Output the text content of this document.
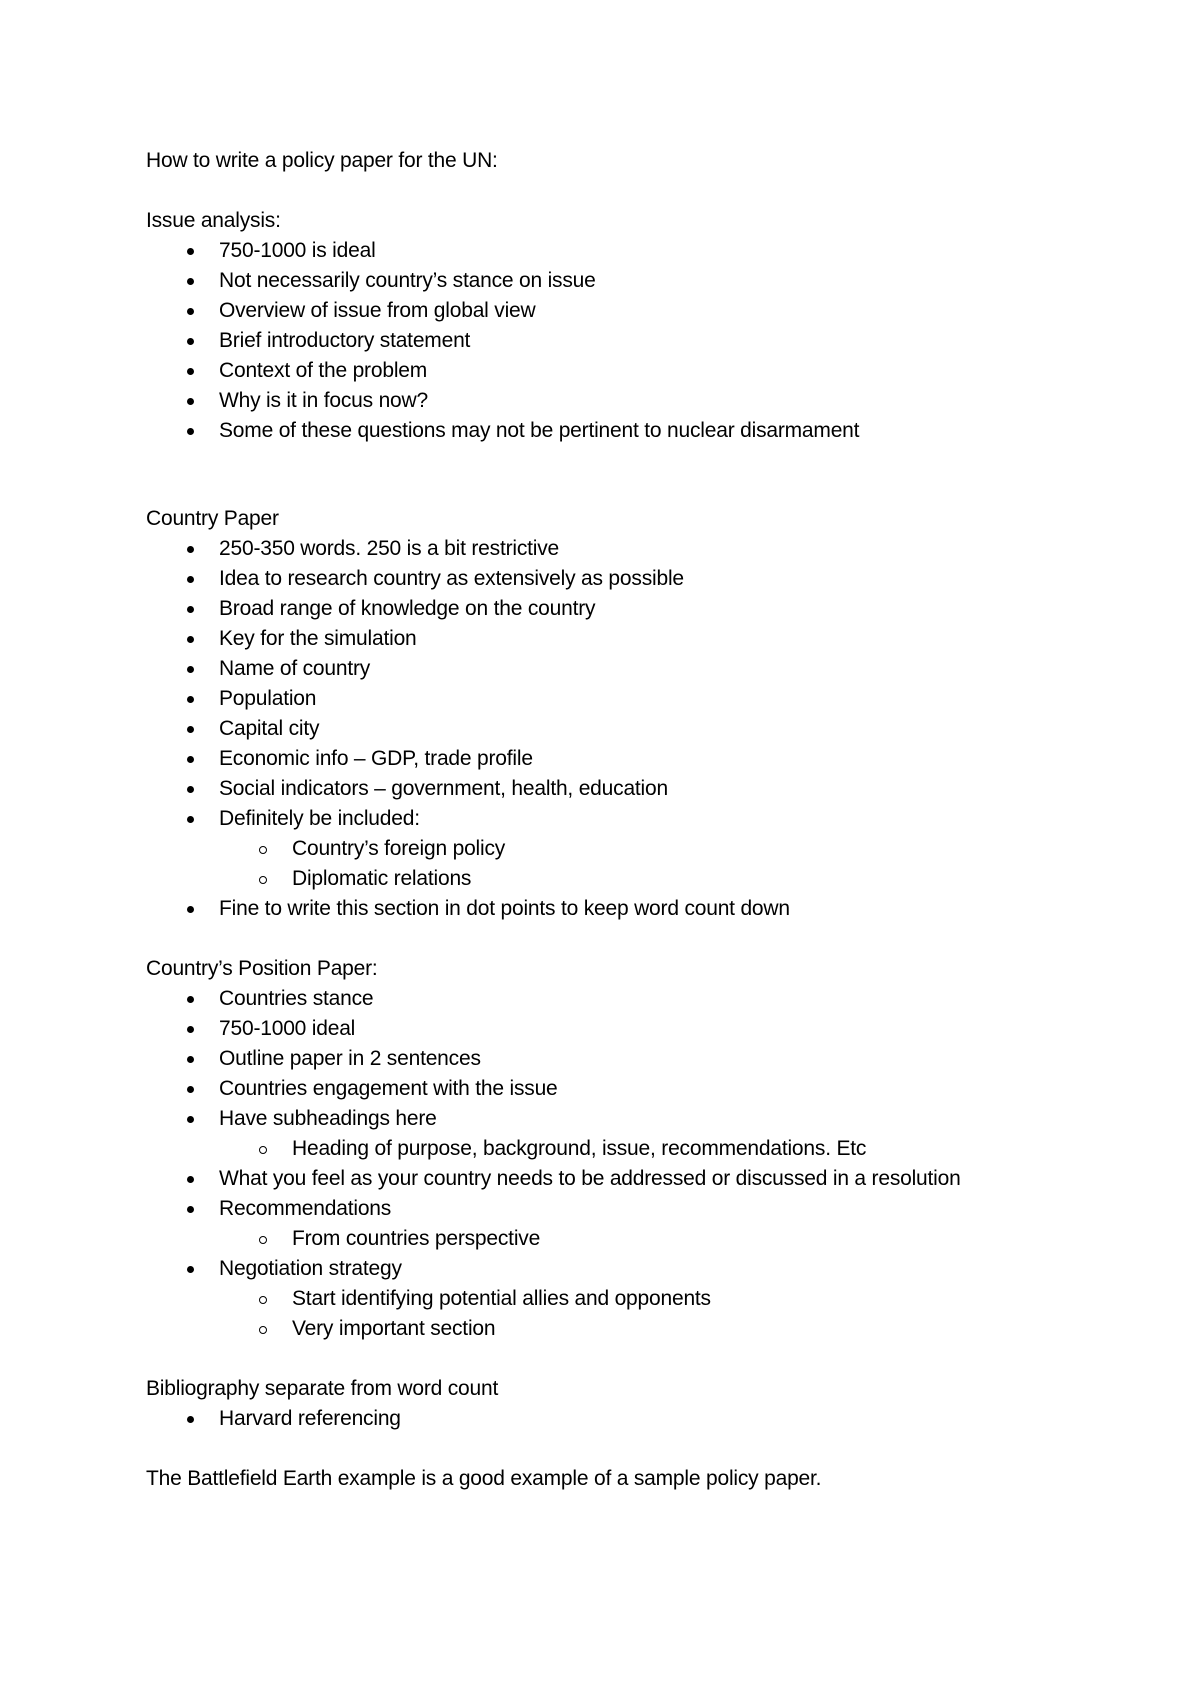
How to write a policy paper for the UN:

Issue analysis:

750-1000 is ideal
Not necessarily country’s stance on issue
Overview of issue from global view
Brief introductory statement
Context of the problem
Why is it in focus now?
Some of these questions may not be pertinent to nuclear disarmament

Country Paper

250-350 words. 250 is a bit restrictive
Idea to research country as extensively as possible
Broad range of knowledge on the country
Key for the simulation
Name of country
Population
Capital city
Economic info – GDP, trade profile
Social indicators – government, health, education
Definitely be included:
Country’s foreign policy
Diplomatic relations
Fine to write this section in dot points to keep word count down

Country’s Position Paper:

Countries stance
750-1000 ideal
Outline paper in 2 sentences
Countries engagement with the issue
Have subheadings here
Heading of purpose, background, issue, recommendations. Etc
What you feel as your country needs to be addressed or discussed in a resolution
Recommendations
From countries perspective
Negotiation strategy
Start identifying potential allies and opponents
Very important section

Bibliography separate from word count

Harvard referencing

The Battlefield Earth example is a good example of a sample policy paper.
